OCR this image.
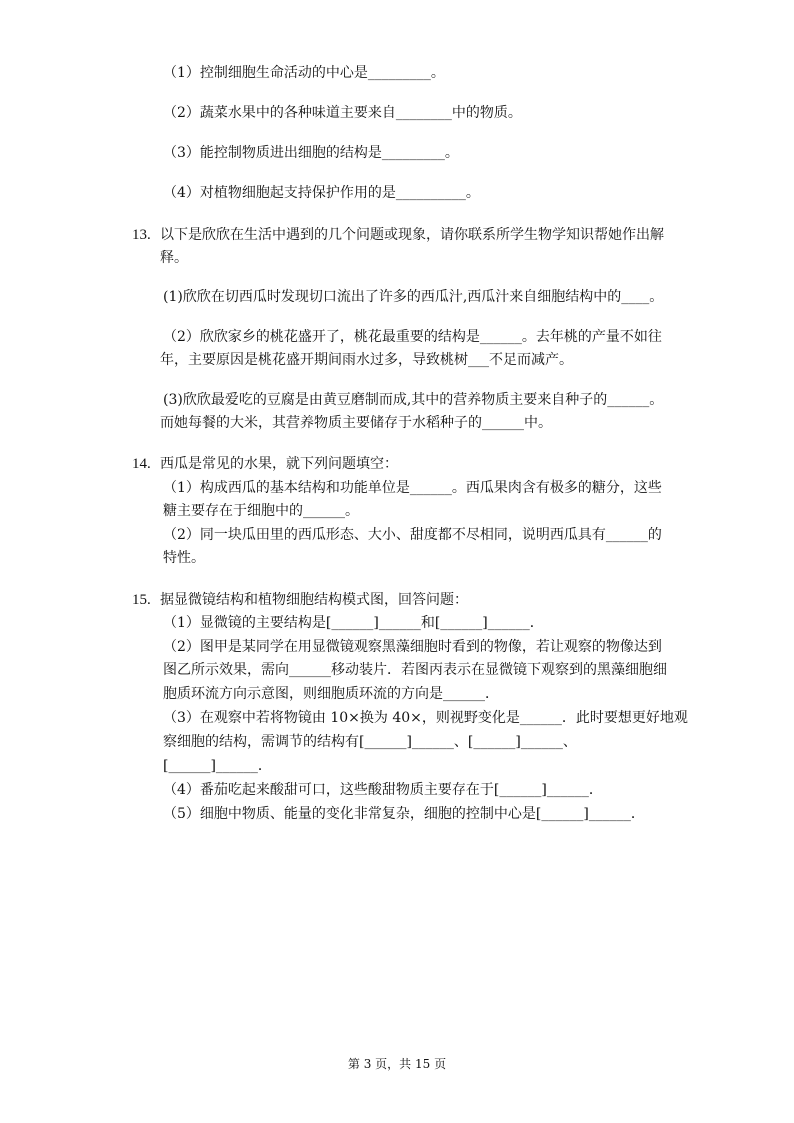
（1）控制细胞生命活动的中心是_________。
（2）蔬菜水果中的各种味道主要来自________中的物质。
（3）能控制物质进出细胞的结构是_________。
（4）对植物细胞起支持保护作用的是__________。
13. 以下是欣欣在生活中遇到的几个问题或现象，请你联系所学生物学知识帮她作出解
释。
(1)欣欣在切西瓜时发现切口流出了许多的西瓜汁,西瓜汁来自细胞结构中的____。
（2）欣欣家乡的桃花盛开了，桃花最重要的结构是______。去年桃的产量不如往
年，主要原因是桃花盛开期间雨水过多，导致桃树___不足而减产。
(3)欣欣最爱吃的豆腐是由黄豆磨制而成,其中的营养物质主要来自种子的______。
而她每餐的大米，其营养物质主要储存于水稻种子的______中。
14. 西瓜是常见的水果，就下列问题填空：
（1）构成西瓜的基本结构和功能单位是______。西瓜果肉含有极多的糖分，这些
糖主要存在于细胞中的______。
（2）同一块瓜田里的西瓜形态、大小、甜度都不尽相同，说明西瓜具有______的
特性。
15. 据显微镜结构和植物细胞结构模式图，回答问题：
（1）显微镜的主要结构是[______]______和[______]______．
（2）图甲是某同学在用显微镜观察黑藻细胞时看到的物像，若让观察的物像达到
图乙所示效果，需向______移动装片．若图丙表示在显微镜下观察到的黑藻细胞细
胞质环流方向示意图，则细胞质环流的方向是______．
（3）在观察中若将物镜由 10×换为 40×，则视野变化是______．此时要想更好地观
察细胞的结构，需调节的结构有[______]______、[______]______、
[______]______．
（4）番茄吃起来酸甜可口，这些酸甜物质主要存在于[______]______．
（5）细胞中物质、能量的变化非常复杂，细胞的控制中心是[______]______．
第 3 页，共 15 页
